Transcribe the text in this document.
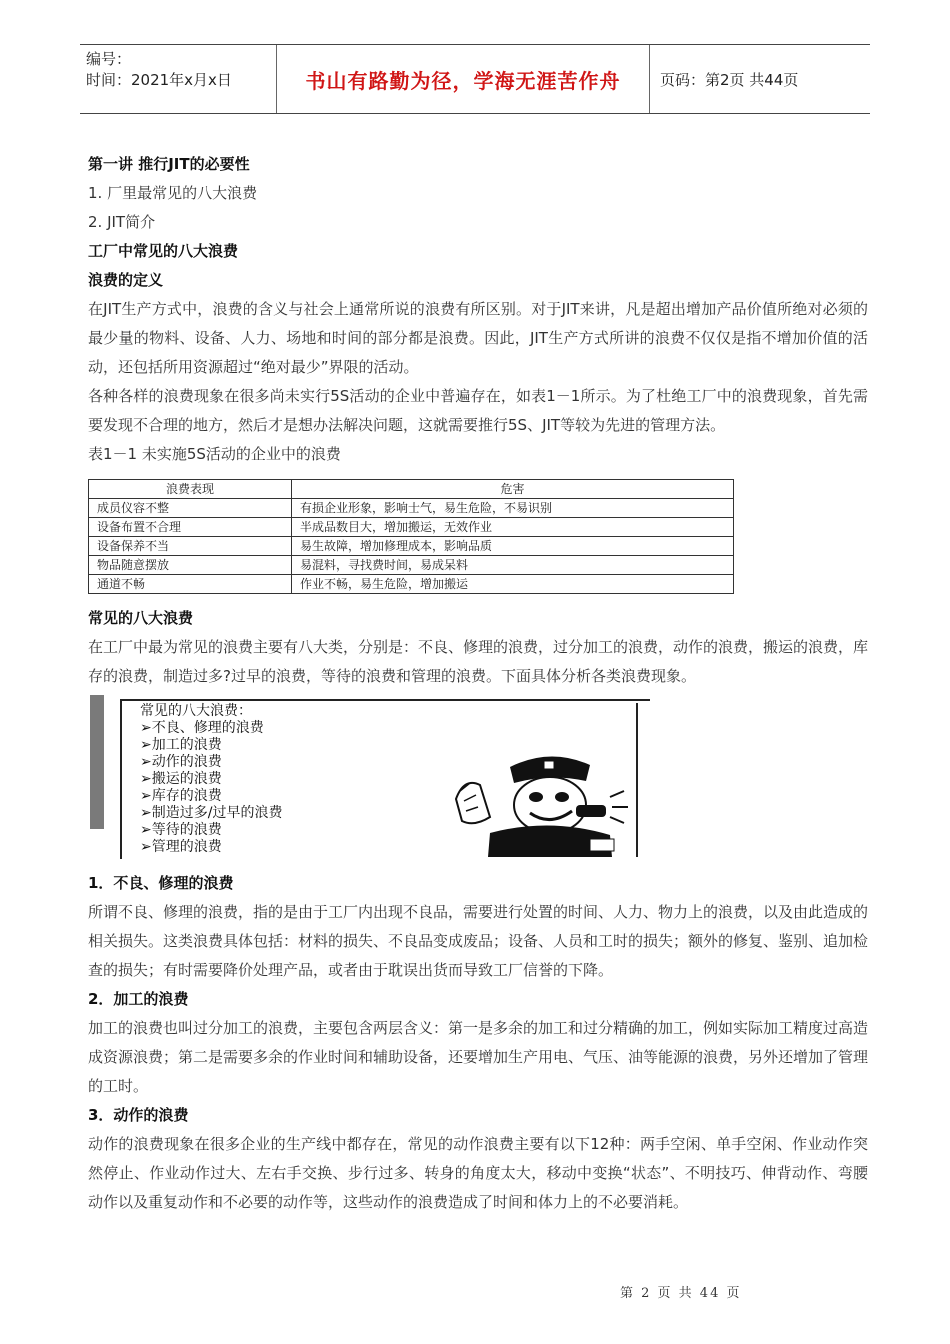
编号：
时间：2021年x月x日	书山有路勤为径，学海无涯苦作舟	页码：第2页 共44页
第一讲 推行JIT的必要性
1. 厂里最常见的八大浪费
2. JIT简介
工厂中常见的八大浪费
浪费的定义

在JIT生产方式中，浪费的含义与社会上通常所说的浪费有所区别。对于JIT来讲，凡是超出增加产品价值所绝对必须的最少量的物料、设备、人力、场地和时间的部分都是浪费。因此，JIT生产方式所讲的浪费不仅仅是指不增加价值的活动，还包括所用资源超过“绝对最少”界限的活动。

各种各样的浪费现象在很多尚未实行5S活动的企业中普遍存在，如表1－1所示。为了杜绝工厂中的浪费现象，首先需要发现不合理的地方，然后才是想办法解决问题，这就需要推行5S、JIT等较为先进的管理方法。

表1－1 未实施5S活动的企业中的浪费
浪费表现	危害
成员仪容不整	有损企业形象，影响士气，易生危险，不易识别
设备布置不合理	半成品数目大，增加搬运，无效作业
设备保养不当	易生故障，增加修理成本，影响品质
物品随意摆放	易混料，寻找费时间，易成呆料
通道不畅	作业不畅，易生危险，增加搬运
常见的八大浪费

在工厂中最为常见的浪费主要有八大类，分别是：不良、修理的浪费，过分加工的浪费，动作的浪费，搬运的浪费，库存的浪费，制造过多?过早的浪费，等待的浪费和管理的浪费。下面具体分析各类浪费现象。

常见的八大浪费：
➢不良、修理的浪费
➢加工的浪费
➢动作的浪费
➢搬运的浪费
➢库存的浪费
➢制造过多/过早的浪费
➢等待的浪费
➢管理的浪费
1．不良、修理的浪费

所谓不良、修理的浪费，指的是由于工厂内出现不良品，需要进行处置的时间、人力、物力上的浪费，以及由此造成的相关损失。这类浪费具体包括：材料的损失、不良品变成废品；设备、人员和工时的损失；额外的修复、鉴别、追加检查的损失；有时需要降价处理产品，或者由于耽误出货而导致工厂信誉的下降。

2．加工的浪费

加工的浪费也叫过分加工的浪费，主要包含两层含义：第一是多余的加工和过分精确的加工，例如实际加工精度过高造成资源浪费；第二是需要多余的作业时间和辅助设备，还要增加生产用电、气压、油等能源的浪费，另外还增加了管理的工时。

3．动作的浪费

动作的浪费现象在很多企业的生产线中都存在，常见的动作浪费主要有以下12种：两手空闲、单手空闲、作业动作突然停止、作业动作过大、左右手交换、步行过多、转身的角度太大，移动中变换“状态”、不明技巧、伸背动作、弯腰动作以及重复动作和不必要的动作等，这些动作的浪费造成了时间和体力上的不必要消耗。

第 2 页 共 44 页
